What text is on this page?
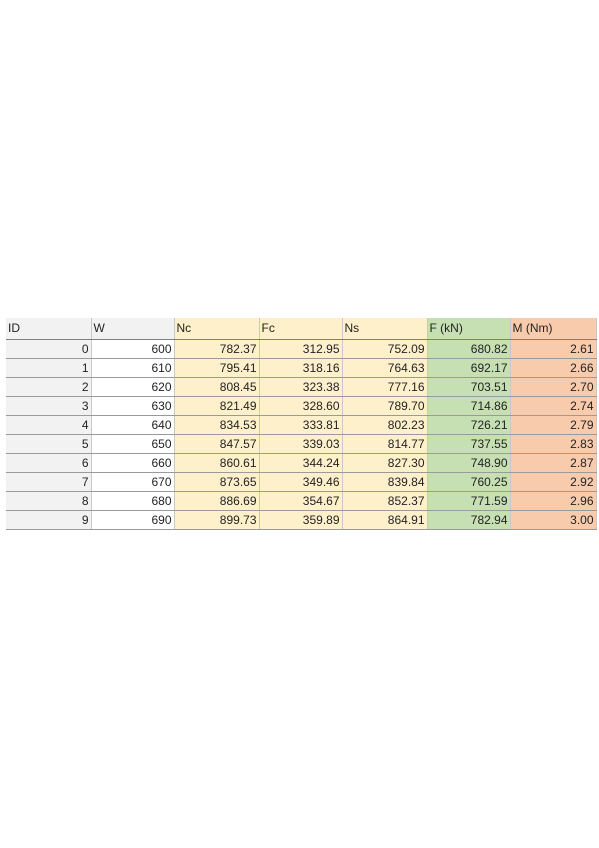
ID	W	Nc	Fc	Ns	F (kN)	M (Nm)
0	600	782.37	312.95	752.09	680.82	2.61
1	610	795.41	318.16	764.63	692.17	2.66
2	620	808.45	323.38	777.16	703.51	2.70
3	630	821.49	328.60	789.70	714.86	2.74
4	640	834.53	333.81	802.23	726.21	2.79
5	650	847.57	339.03	814.77	737.55	2.83
6	660	860.61	344.24	827.30	748.90	2.87
7	670	873.65	349.46	839.84	760.25	2.92
8	680	886.69	354.67	852.37	771.59	2.96
9	690	899.73	359.89	864.91	782.94	3.00
